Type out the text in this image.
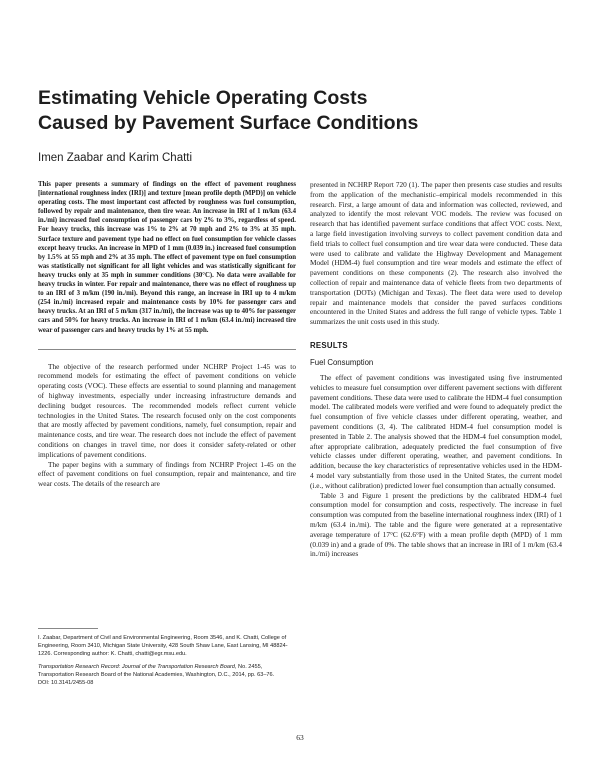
Estimating Vehicle Operating Costs
Caused by Pavement Surface Conditions
Imen Zaabar and Karim Chatti

This paper presents a summary of findings on the effect of pavement roughness [international roughness index (IRI)] and texture [mean profile depth (MPD)] on vehicle operating costs. The most important cost affected by roughness was fuel consumption, followed by repair and maintenance, then tire wear. An increase in IRI of 1 m/km (63.4 in./mi) increased fuel consumption of passenger cars by 2% to 3%, regardless of speed. For heavy trucks, this increase was 1% to 2% at 70 mph and 2% to 3% at 35 mph. Surface texture and pavement type had no effect on fuel consumption for vehicle classes except heavy trucks. An increase in MPD of 1 mm (0.039 in.) increased fuel consumption by 1.5% at 55 mph and 2% at 35 mph. The effect of pavement type on fuel consumption was statistically not significant for all light vehicles and was statistically significant for heavy trucks only at 35 mph in summer conditions (30°C). No data were available for heavy trucks in winter. For repair and maintenance, there was no effect of roughness up to an IRI of 3 m/km (190 in./mi). Beyond this range, an increase in IRI up to 4 m/km (254 in./mi) increased repair and maintenance costs by 10% for passenger cars and heavy trucks. At an IRI of 5 m/km (317 in./mi), the increase was up to 40% for passenger cars and 50% for heavy trucks. An increase in IRI of 1 m/km (63.4 in./mi) increased tire wear of passenger cars and heavy trucks by 1% at 55 mph.

The objective of the research performed under NCHRP Project 1-45 was to recommend models for estimating the effect of pavement conditions on vehicle operating costs (VOC). These effects are essential to sound planning and management of highway investments, especially under increasing infrastructure demands and declining budget resources. The recommended models reflect current vehicle technologies in the United States. The research focused only on the cost components that are mostly affected by pavement conditions, namely, fuel consumption, repair and maintenance costs, and tire wear. The research does not include the effect of pavement conditions on changes in travel time, nor does it consider safety-related or other implications of pavement conditions.

The paper begins with a summary of findings from NCHRP Project 1-45 on the effect of pavement conditions on fuel consumption, repair and maintenance, and tire wear costs. The details of the research are

I. Zaabar, Department of Civil and Environmental Engineering, Room 3546, and K. Chatti, College of Engineering, Room 3410, Michigan State University, 428 South Shaw Lane, East Lansing, MI 48824-1226. Corresponding author: K. Chatti, chatti@egr.msu.edu.

Transportation Research Record: Journal of the Transportation Research Board, No. 2455, Transportation Research Board of the National Academies, Washington, D.C., 2014, pp. 63–76.
DOI: 10.3141/2455-08

presented in NCHRP Report 720 (1). The paper then presents case studies and results from the application of the mechanistic–empirical models recommended in this research. First, a large amount of data and information was collected, reviewed, and analyzed to identify the most relevant VOC models. The review was focused on research that has identified pavement surface conditions that affect VOC costs. Next, a large field investigation involving surveys to collect pavement condition data and field trials to collect fuel consumption and tire wear data were conducted. These data were used to calibrate and validate the Highway Development and Management Model (HDM-4) fuel consumption and tire wear models and estimate the effect of pavement conditions on these components (2). The research also involved the collection of repair and maintenance data of vehicle fleets from two departments of transportation (DOTs) (Michigan and Texas). The fleet data were used to develop repair and maintenance models that consider the paved surfaces conditions encountered in the United States and address the full range of vehicle types. Table 1 summarizes the unit costs used in this study.

RESULTS
Fuel Consumption

The effect of pavement conditions was investigated using five instrumented vehicles to measure fuel consumption over different pavement sections with different pavement conditions. These data were used to calibrate the HDM-4 fuel consumption model. The calibrated models were verified and were found to adequately predict the fuel consumption of five vehicle classes under different operating, weather, and pavement conditions (3, 4). The calibrated HDM-4 fuel consumption model is presented in Table 2. The analysis showed that the HDM-4 fuel consumption model, after appropriate calibration, adequately predicted the fuel consumption of five vehicle classes under different operating, weather, and pavement conditions. In addition, because the key characteristics of representative vehicles used in the HDM-4 model vary substantially from those used in the United States, the current model (i.e., without calibration) predicted lower fuel consumption than actually consumed.

Table 3 and Figure 1 present the predictions by the calibrated HDM-4 fuel consumption model for consumption and costs, respectively. The increase in fuel consumption was computed from the baseline international roughness index (IRI) of 1 m/km (63.4 in./mi). The table and the figure were generated at a representative average temperature of 17°C (62.6°F) with a mean profile depth (MPD) of 1 mm (0.039 in) and a grade of 0%. The table shows that an increase in IRI of 1 m/km (63.4 in./mi) increases

63
